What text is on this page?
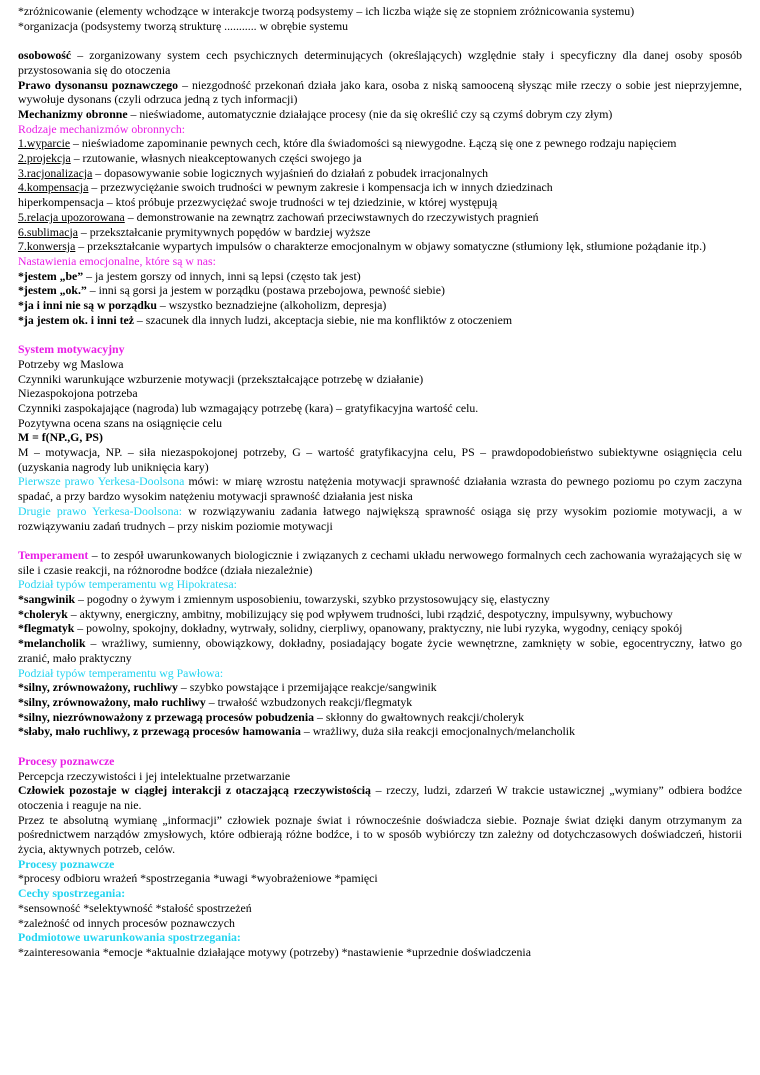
*zróżnicowanie (elementy wchodzące w interakcje tworzą podsystemy – ich liczba wiąże się ze stopniem zróżnicowania systemu)

*organizacja (podsystemy tworzą strukturę ........... w obrębie systemu

osobowość – zorganizowany system cech psychicznych determinujących (określających) względnie stały i specyficzny dla danej osoby sposób przystosowania się do otoczenia

Prawo dysonansu poznawczego – niezgodność przekonań działa jako kara, osoba z niską samooceną słysząc miłe rzeczy o sobie jest nieprzyjemne, wywołuje dysonans (czyli odrzuca jedną z tych informacji)

Mechanizmy obronne – nieświadome, automatycznie działające procesy (nie da się określić czy są czymś dobrym czy złym)

Rodzaje mechanizmów obronnych:

1.wyparcie – nieświadome zapominanie pewnych cech, które dla świadomości są niewygodne. Łączą się one z pewnego rodzaju napięciem

2.projekcja – rzutowanie, własnych nieakceptowanych części swojego ja

3.racjonalizacja – dopasowywanie sobie logicznych wyjaśnień do działań z pobudek irracjonalnych

4.kompensacja – przezwyciężanie swoich trudności w pewnym zakresie i kompensacja ich w innych dziedzinach

hiperkompensacja – ktoś próbuje przezwyciężać swoje trudności w tej dziedzinie, w której występują

5.relacja upozorowana – demonstrowanie na zewnątrz zachowań przeciwstawnych do rzeczywistych pragnień

6.sublimacja – przekształcanie prymitywnych popędów w bardziej wyższe

7.konwersja – przekształcanie wypartych impulsów o charakterze emocjonalnym w objawy somatyczne (stłumiony lęk, stłumione pożądanie itp.)

Nastawienia emocjonalne, które są w nas:

*jestem „be” – ja jestem gorszy od innych, inni są lepsi (często tak jest)

*jestem „ok.” – inni są gorsi ja jestem w porządku (postawa przebojowa, pewność siebie)

*ja i inni nie są w porządku – wszystko beznadziejne (alkoholizm, depresja)

*ja jestem ok. i inni też – szacunek dla innych ludzi, akceptacja siebie, nie ma konfliktów z otoczeniem

System motywacyjny

Potrzeby wg Maslowa

Czynniki warunkujące wzburzenie motywacji (przekształcające potrzebę w działanie)

Niezaspokojona potrzeba

Czynniki zaspokajające (nagroda) lub wzmagający potrzebę (kara) – gratyfikacyjna wartość celu.

Pozytywna ocena szans na osiągnięcie celu

M = f(NP.,G, PS)

M – motywacja, NP. – siła niezaspokojonej potrzeby, G – wartość gratyfikacyjna celu, PS – prawdopodobieństwo subiektywne osiągnięcia celu (uzyskania nagrody lub uniknięcia kary)

Pierwsze prawo Yerkesa-Doolsona mówi: w miarę wzrostu natężenia motywacji sprawność działania wzrasta do pewnego poziomu po czym zaczyna spadać, a przy bardzo wysokim natężeniu motywacji sprawność działania jest niska

Drugie prawo Yerkesa-Doolsona: w rozwiązywaniu zadania łatwego największą sprawność osiąga się przy wysokim poziomie motywacji, a w rozwiązywaniu zadań trudnych – przy niskim poziomie motywacji

Temperament – to zespół uwarunkowanych biologicznie i związanych z cechami układu nerwowego formalnych cech zachowania wyrażających się w sile i czasie reakcji, na różnorodne bodźce (działa niezależnie)

Podział typów temperamentu wg Hipokratesa:

*sangwinik – pogodny o żywym i zmiennym usposobieniu, towarzyski, szybko przystosowujący się, elastyczny

*choleryk – aktywny, energiczny, ambitny, mobilizujący się pod wpływem trudności, lubi rządzić, despotyczny, impulsywny, wybuchowy

*flegmatyk – powolny, spokojny, dokładny, wytrwały, solidny, cierpliwy, opanowany, praktyczny, nie lubi ryzyka, wygodny, ceniący spokój

*melancholik – wrażliwy, sumienny, obowiązkowy, dokładny, posiadający bogate życie wewnętrzne, zamknięty w sobie, egocentryczny, łatwo go zranić, mało praktyczny

Podział typów temperamentu wg Pawłowa:

*silny, zrównoważony, ruchliwy – szybko powstające i przemijające reakcje/sangwinik

*silny, zrównoważony, mało ruchliwy – trwałość wzbudzonych reakcji/flegmatyk

*silny, niezrównoważony z przewagą procesów pobudzenia – skłonny do gwałtownych reakcji/choleryk

*słaby, mało ruchliwy, z przewagą procesów hamowania – wrażliwy, duża siła reakcji emocjonalnych/melancholik

Procesy poznawcze

Percepcja rzeczywistości i jej intelektualne przetwarzanie

Człowiek pozostaje w ciągłej interakcji z otaczającą rzeczywistością – rzeczy, ludzi, zdarzeń W trakcie ustawicznej „wymiany” odbiera bodźce otoczenia i reaguje na nie.

Przez te absolutną wymianę „informacji” człowiek poznaje świat i równocześnie doświadcza siebie. Poznaje świat dzięki danym otrzymanym za pośrednictwem narządów zmysłowych, które odbierają różne bodźce, i to w sposób wybiórczy tzn zależny od dotychczasowych doświadczeń, historii życia, aktywnych potrzeb, celów.

Procesy poznawcze

*procesy odbioru wrażeń *spostrzegania *uwagi *wyobrażeniowe *pamięci

Cechy spostrzegania:

*sensowność *selektywność *stałość spostrzeżeń

*zależność od innych procesów poznawczych

Podmiotowe uwarunkowania spostrzegania:

*zainteresowania *emocje *aktualnie działające motywy (potrzeby) *nastawienie *uprzednie doświadczenia
